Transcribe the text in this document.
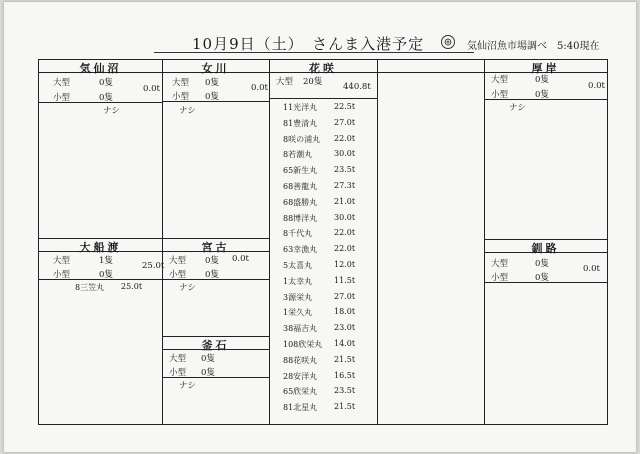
10月9日（土）　さんま入港予定	気仙沼魚市場調べ　5:40現在
気仙沼
大型	0隻
小型	0隻
0.0t
ナシ
大船渡
大型	1隻
小型	0隻
25.0t
8三笠丸 25.0t
女川
大型 0隻
小型 0隻
0.0t
ナシ
宮古
大型 0隻 0.0t
小型 0隻
ナシ
釜石
大型 0隻
小型 0隻
ナシ
花咲
大型 20隻 440.8t
11光洋丸 22.5t
81豊清丸 27.0t
8咲の浦丸 22.0t
8若潮丸	30.0t
65新生丸 23.5t
68善龍丸 27.3t
68盛勝丸 21.0t
88博洋丸 30.0t
8千代丸	22.0t
63幸漁丸 22.0t
5太喜丸	12.0t
1太幸丸	11.5t
3源栄丸	27.0t
1栄久丸	18.0t
38福吉丸 23.0t
108欣栄丸 14.0t
88花咲丸 21.5t
28安洋丸 16.5t
65欣栄丸 23.5t
81北星丸 21.5t
厚岸
大型	0隻
小型	0隻
0.0t
ナシ
釧路
大型	0隻
小型	0隻
0.0t
